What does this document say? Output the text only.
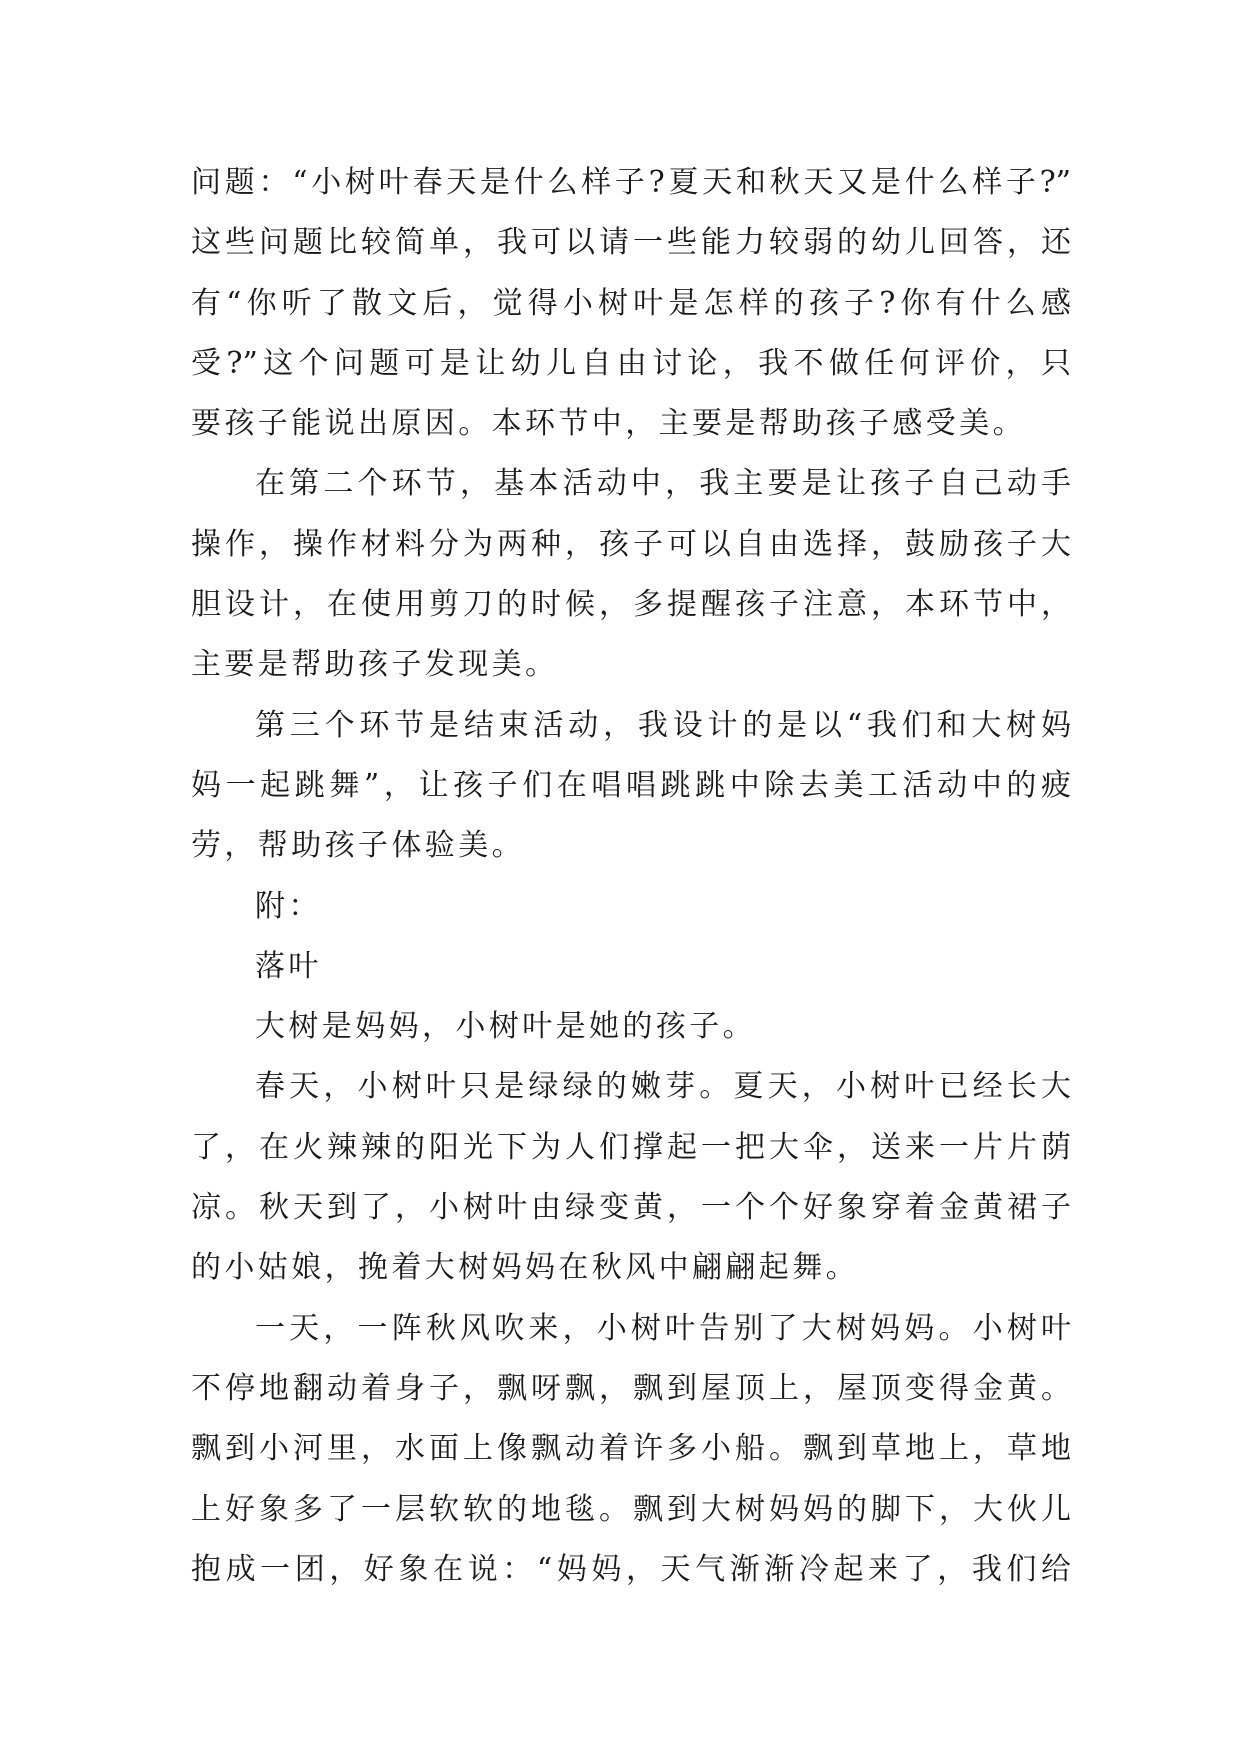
问题：“小树叶春天是什么样子?夏天和秋天又是什么样子?”
这些问题比较简单，我可以请一些能力较弱的幼儿回答，还
有“你听了散文后，觉得小树叶是怎样的孩子?你有什么感
受?”这个问题可是让幼儿自由讨论，我不做任何评价，只
要孩子能说出原因。本环节中，主要是帮助孩子感受美。
在第二个环节，基本活动中，我主要是让孩子自己动手
操作，操作材料分为两种，孩子可以自由选择，鼓励孩子大
胆设计，在使用剪刀的时候，多提醒孩子注意，本环节中，
主要是帮助孩子发现美。
第三个环节是结束活动，我设计的是以“我们和大树妈
妈一起跳舞”，让孩子们在唱唱跳跳中除去美工活动中的疲
劳，帮助孩子体验美。
附：
落叶
大树是妈妈，小树叶是她的孩子。
春天，小树叶只是绿绿的嫩芽。夏天，小树叶已经长大
了，在火辣辣的阳光下为人们撑起一把大伞，送来一片片荫
凉。秋天到了，小树叶由绿变黄，一个个好象穿着金黄裙子
的小姑娘，挽着大树妈妈在秋风中翩翩起舞。
一天，一阵秋风吹来，小树叶告别了大树妈妈。小树叶
不停地翻动着身子，飘呀飘，飘到屋顶上，屋顶变得金黄。
飘到小河里，水面上像飘动着许多小船。飘到草地上，草地
上好象多了一层软软的地毯。飘到大树妈妈的脚下，大伙儿
抱成一团，好象在说：“妈妈，天气渐渐冷起来了，我们给
